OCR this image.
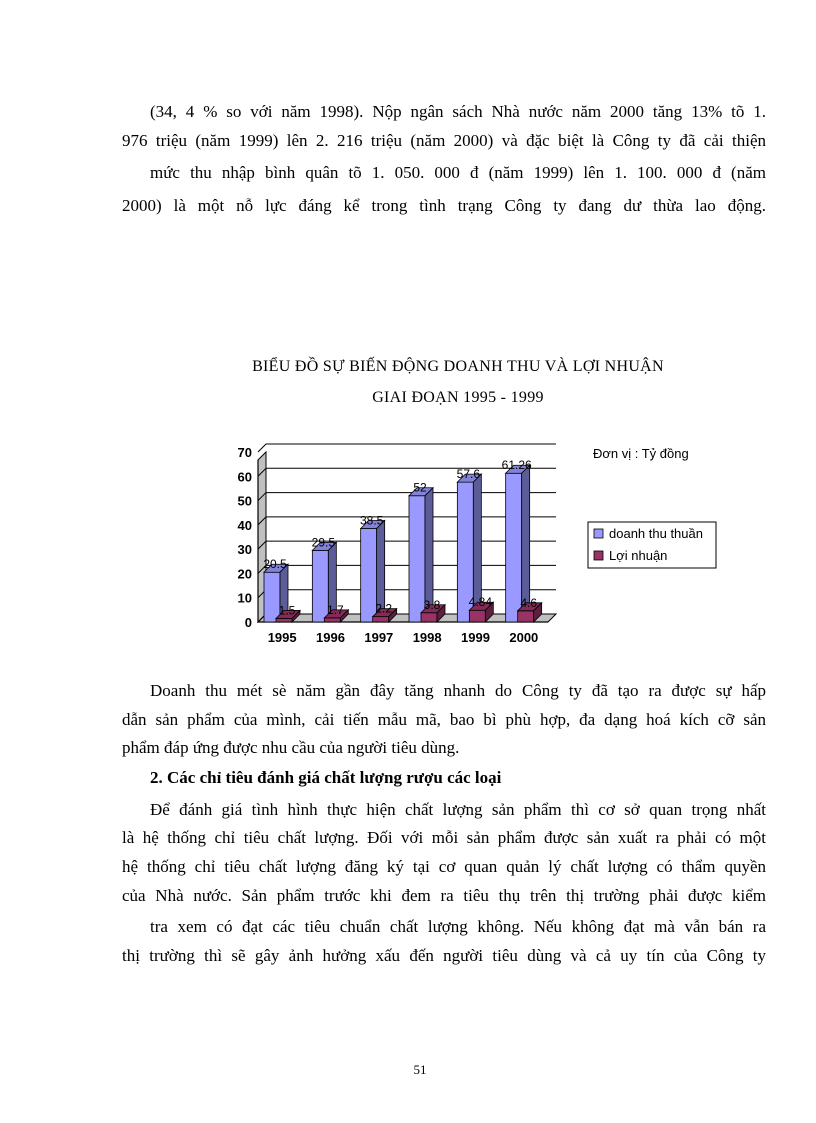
(34, 4 % so với năm 1998). Nộp ngân sách Nhà nước năm 2000 tăng 13% tõ 1.
976 triệu (năm 1999) lên 2. 216 triệu (năm 2000) và đặc biệt là Công ty đã cải thiện
mức thu nhập bình quân tõ 1. 050. 000 đ (năm 1999) lên 1. 100. 000 đ (năm
2000) là một nỗ lực đáng kể trong tình trạng Công ty đang dư thừa lao động.
BIỂU ĐỒ SỰ BIẾN ĐỘNG DOANH THU VÀ LỢI NHUẬN
GIAI ĐOẠN 1995 - 1999
0
10
20
30
40
50
60
70
1995 1996 1997 1998 1999 2000
20.5
1.5
29.5
1.7
38.5
2.2
52
3.8
57.6
4.84
61.26
4.6
doanh thu thuần
Lợi nhuận
Đơn vị : Tỷ đồng
Doanh thu mét sè năm gần đây tăng nhanh do Công ty đã tạo ra được sự hấp
dẫn sản phẩm của mình, cải tiến mẫu mã, bao bì phù hợp, đa dạng hoá kích cỡ sản
phẩm đáp ứng được nhu cầu của người tiêu dùng.
2. Các chỉ tiêu đánh giá chất lượng rượu các loại
Để đánh giá tình hình thực hiện chất lượng sản phẩm thì cơ sở quan trọng nhất
là hệ thống chỉ tiêu chất lượng. Đối với mỗi sản phẩm được sản xuất ra phải có một
hệ thống chỉ tiêu chất lượng đăng ký tại cơ quan quản lý chất lượng có thẩm quyền
của Nhà nước. Sản phẩm trước khi đem ra tiêu thụ trên thị trường phải được kiểm
tra xem có đạt các tiêu chuẩn chất lượng không. Nếu không đạt mà vẫn bán ra
thị trường thì sẽ gây ảnh hưởng xấu đến người tiêu dùng và cả uy tín của Công ty
51
